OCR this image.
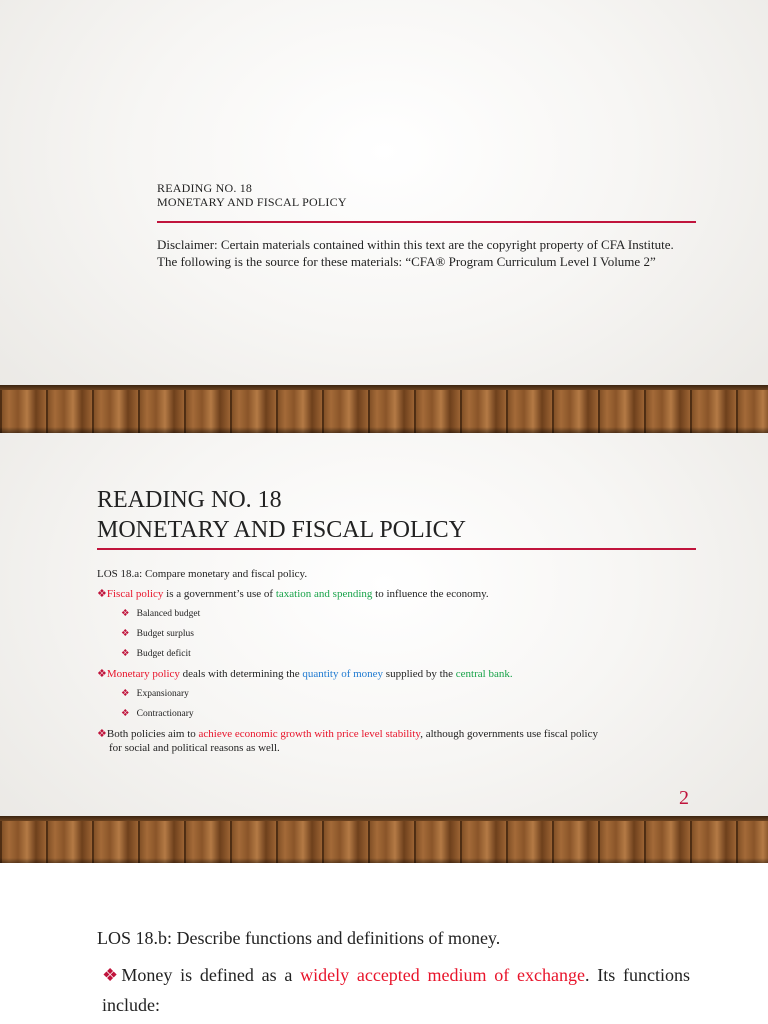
READING NO. 18
MONETARY AND FISCAL POLICY
Disclaimer: Certain materials contained within this text are the copyright property of CFA Institute. The following is the source for these materials: “CFA® Program Curriculum Level I Volume 2”
READING NO. 18
MONETARY AND FISCAL POLICY
LOS 18.a: Compare monetary and fiscal policy.
❖Fiscal policy is a government’s use of taxation and spending to influence the economy.
❖ Balanced budget
❖ Budget surplus
❖ Budget deficit
❖Monetary policy deals with determining the quantity of money supplied by the central bank.
❖ Expansionary
❖ Contractionary
❖Both policies aim to achieve economic growth with price level stability, although governments use fiscal policy
for social and political reasons as well.
2
LOS 18.b: Describe functions and definitions of money.
❖Money is defined as a widely accepted medium of exchange. Its functions include:
